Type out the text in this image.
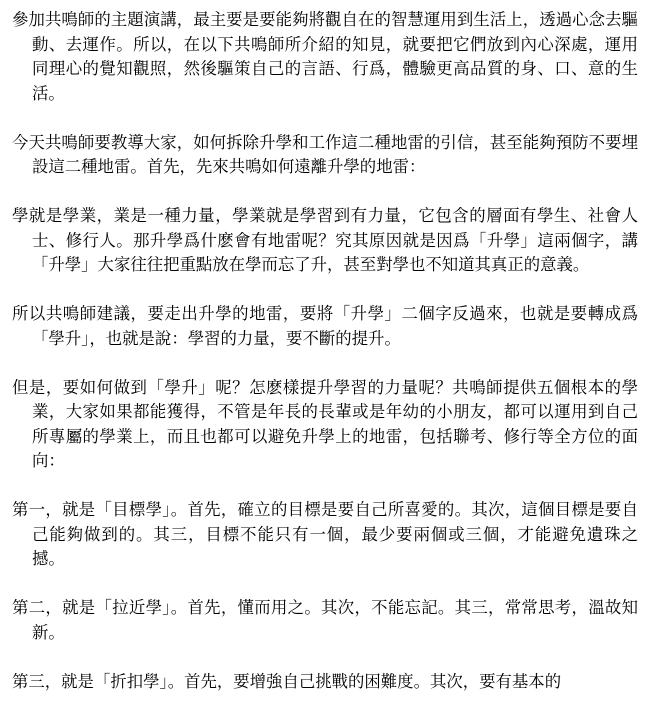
參加共鳴師的主題演講，最主要是要能夠將觀自在的智慧運用到生活上，透過心念去驅動、去運作。所以，在以下共鳴師所介紹的知見，就要把它們放到內心深處，運用同理心的覺知觀照，然後驅策自己的言語、行爲，體驗更高品質的身、口、意的生活。

今天共鳴師要教導大家，如何拆除升學和工作這二種地雷的引信，甚至能夠預防不要埋設這二種地雷。首先，先來共鳴如何遠離升學的地雷：

學就是學業，業是一種力量，學業就是學習到有力量，它包含的層面有學生、社會人士、修行人。那升學爲什麽會有地雷呢？究其原因就是因爲「升學」這兩個字，講「升學」大家往往把重點放在學而忘了升，甚至對學也不知道其真正的意義。

所以共鳴師建議，要走出升學的地雷，要將「升學」二個字反過來，也就是要轉成爲「學升」，也就是說：學習的力量，要不斷的提升。

但是，要如何做到「學升」呢？怎麽樣提升學習的力量呢？共鳴師提供五個根本的學業，大家如果都能獲得，不管是年長的長輩或是年幼的小朋友，都可以運用到自己所專屬的學業上，而且也都可以避免升學上的地雷，包括聯考、修行等全方位的面向：

第一，就是「目標學」。首先，確立的目標是要自己所喜愛的。其次，這個目標是要自己能夠做到的。其三，目標不能只有一個，最少要兩個或三個，才能避免遺珠之撼。

第二，就是「拉近學」。首先，懂而用之。其次，不能忘記。其三，常常思考，溫故知新。

第三，就是「折扣學」。首先，要增強自己挑戰的困難度。其次，要有基本的
